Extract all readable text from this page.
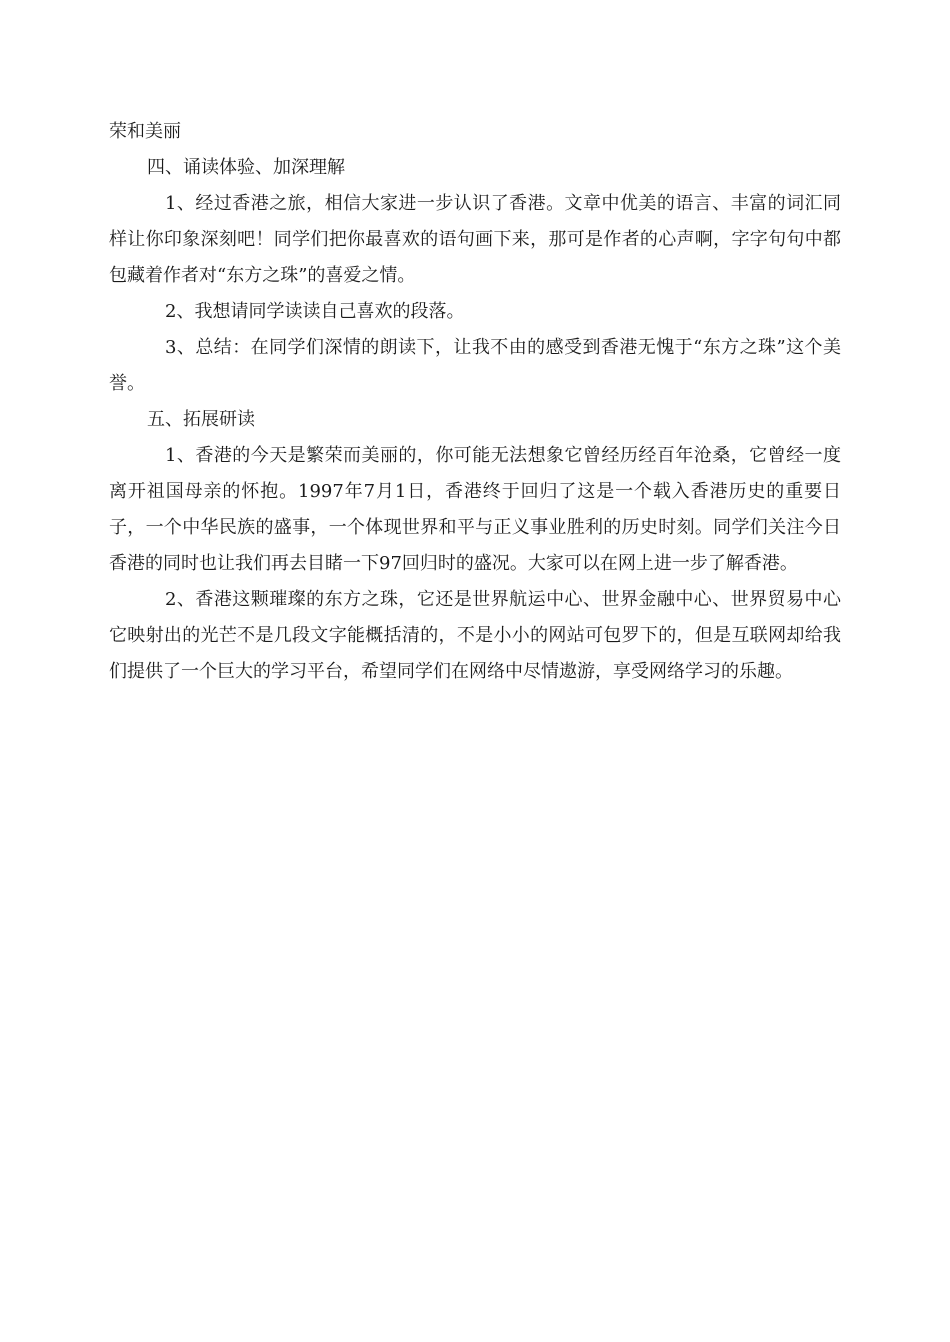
荣和美丽

四、诵读体验、加深理解

1、经过香港之旅，相信大家进一步认识了香港。文章中优美的语言、丰富的词汇同样让你印象深刻吧！同学们把你最喜欢的语句画下来，那可是作者的心声啊，字字句句中都包藏着作者对“东方之珠”的喜爱之情。

2、我想请同学读读自己喜欢的段落。

3、总结：在同学们深情的朗读下，让我不由的感受到香港无愧于“东方之珠”这个美誉。

五、拓展研读

1、香港的今天是繁荣而美丽的，你可能无法想象它曾经历经百年沧桑，它曾经一度离开祖国母亲的怀抱。1997年7月1日，香港终于回归了这是一个载入香港历史的重要日子，一个中华民族的盛事，一个体现世界和平与正义事业胜利的历史时刻。同学们关注今日香港的同时也让我们再去目睹一下97回归时的盛况。大家可以在网上进一步了解香港。

2、香港这颗璀璨的东方之珠，它还是世界航运中心、世界金融中心、世界贸易中心它映射出的光芒不是几段文字能概括清的，不是小小的网站可包罗下的，但是互联网却给我们提供了一个巨大的学习平台，希望同学们在网络中尽情遨游，享受网络学习的乐趣。
